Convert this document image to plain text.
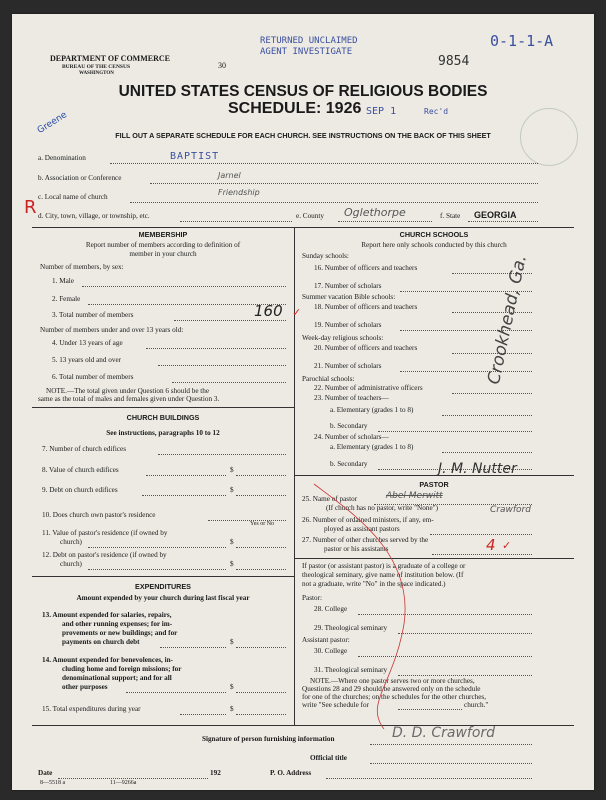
DEPARTMENT OF COMMERCE
BUREAU OF THE CENSUS
WASHINGTON
RETURNED UNCLAIMED
AGENT INVESTIGATE
30	9854
0-1-1-A
Greene
UNITED STATES CENSUS OF RELIGIOUS BODIES
SCHEDULE: 1926 SEP 1	Rec'd
FILL OUT A SEPARATE SCHEDULE FOR EACH CHURCH. SEE INSTRUCTIONS ON THE BACK OF THIS SHEET
a. Denomination	BAPTIST
b. Association or Conference	Jarnel
c. Local name of church	Friendship
R d. City, town, village, or township, etc.	e. County Oglethorpe	f. State GEORGIA
MEMBERSHIP
Report number of members according to definition of
member in your church
Number of members, by sex:
1. Male
2. Female
3. Total number of members	160 ✓
Number of members under and over 13 years old:
4. Under 13 years of age
5. 13 years old and over
6. Total number of members
NOTE.—The total given under Question 6 should be the
same as the total of males and females given under Question 3.
CHURCH BUILDINGS
See instructions, paragraphs 10 to 12
7. Number of church edifices
8. Value of church edifices	$
9. Debt on church edifices	$
10. Does church own pastor's residence
Yes or No
11. Value of pastor's residence (if owned by
church)	$
12. Debt on pastor's residence (if owned by
church)	$
EXPENDITURES
Amount expended by your church during last fiscal year
13. Amount expended for salaries, repairs,
and other running expenses; for im-
provements or new buildings; and for
payments on church debt	$
14. Amount expended for benevolences, in-
cluding home and foreign missions; for
denominational support; and for all
other purposes	$
15. Total expenditures during year	$
CHURCH SCHOOLS
Report here only schools conducted by this church
Sunday schools:
16. Number of officers and teachers
17. Number of scholars
Summer vacation Bible schools:
18. Number of officers and teachers
19. Number of scholars
Week-day religious schools:
20. Number of officers and teachers
21. Number of scholars
Parochial schools:
22. Number of administrative officers
23. Number of teachers—
a. Elementary (grades 1 to 8)
b. Secondary
24. Number of scholars—
a. Elementary (grades 1 to 8)
b. Secondary
Crookhead, Ga.
PASTOR
J. M. Nutter
25. Name of pastor	Abel Merwitt
(If church has no pastor, write "None")
26. Number of ordained ministers, if any, em-
ployed as assistant pastors
Crawford
27. Number of other churches served by the
pastor or his assistants	4 ✓
If pastor (or assistant pastor) is a graduate of a college or
theological seminary, give name of institution below. (If
not a graduate, write "No" in the space indicated.)
Pastor:
28. College
29. Theological seminary
Assistant pastor:
30. College
31. Theological seminary
NOTE.—Where one pastor serves two or more churches,
Questions 28 and 29 should be answered only on the schedule
for one of the churches; on the schedules for the other churches,
write "See schedule for	church."
Signature of person furnishing information	D. D. Crawford
Official title
Date	192	P. O. Address
8—5518 a	11—9266a
